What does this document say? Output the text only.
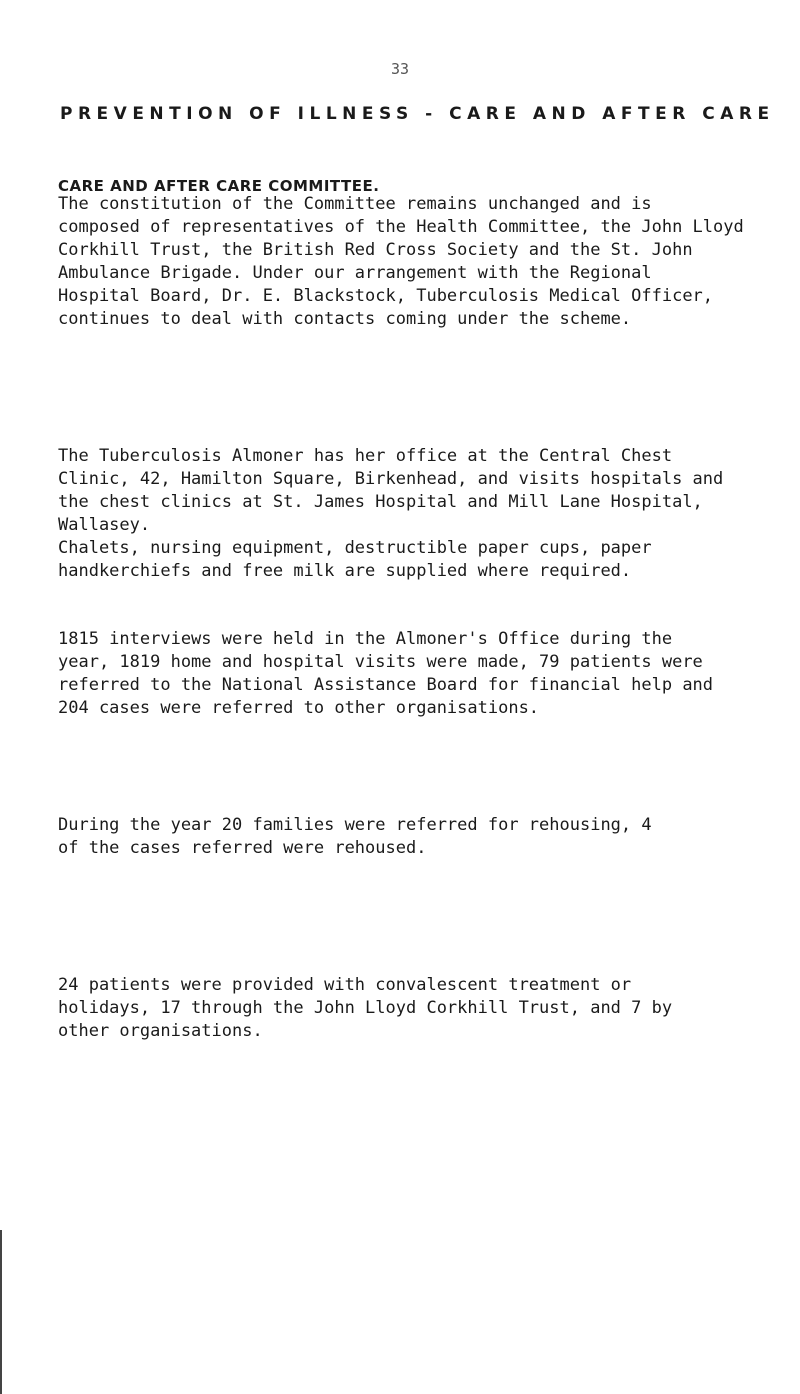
33
PREVENTION OF ILLNESS - CARE AND AFTER CARE
CARE AND AFTER CARE COMMITTEE.

The constitution of the Committee remains unchanged and is
composed of representatives of the Health Committee, the John Lloyd
Corkhill Trust, the British Red Cross Society and the St. John
Ambulance Brigade. Under our arrangement with the Regional
Hospital Board, Dr. E. Blackstock, Tuberculosis Medical Officer,
continues to deal with contacts coming under the scheme.

The Tuberculosis Almoner has her office at the Central Chest
Clinic, 42, Hamilton Square, Birkenhead, and visits hospitals and
the chest clinics at St. James Hospital and Mill Lane Hospital,
Wallasey.

Chalets, nursing equipment, destructible paper cups, paper
handkerchiefs and free milk are supplied where required.

1815 interviews were held in the Almoner's Office during the
year, 1819 home and hospital visits were made, 79 patients were
referred to the National Assistance Board for financial help and
204 cases were referred to other organisations.

During the year 20 families were referred for rehousing, 4
of the cases referred were rehoused.

24 patients were provided with convalescent treatment or
holidays, 17 through the John Lloyd Corkhill Trust, and 7 by
other organisations.
